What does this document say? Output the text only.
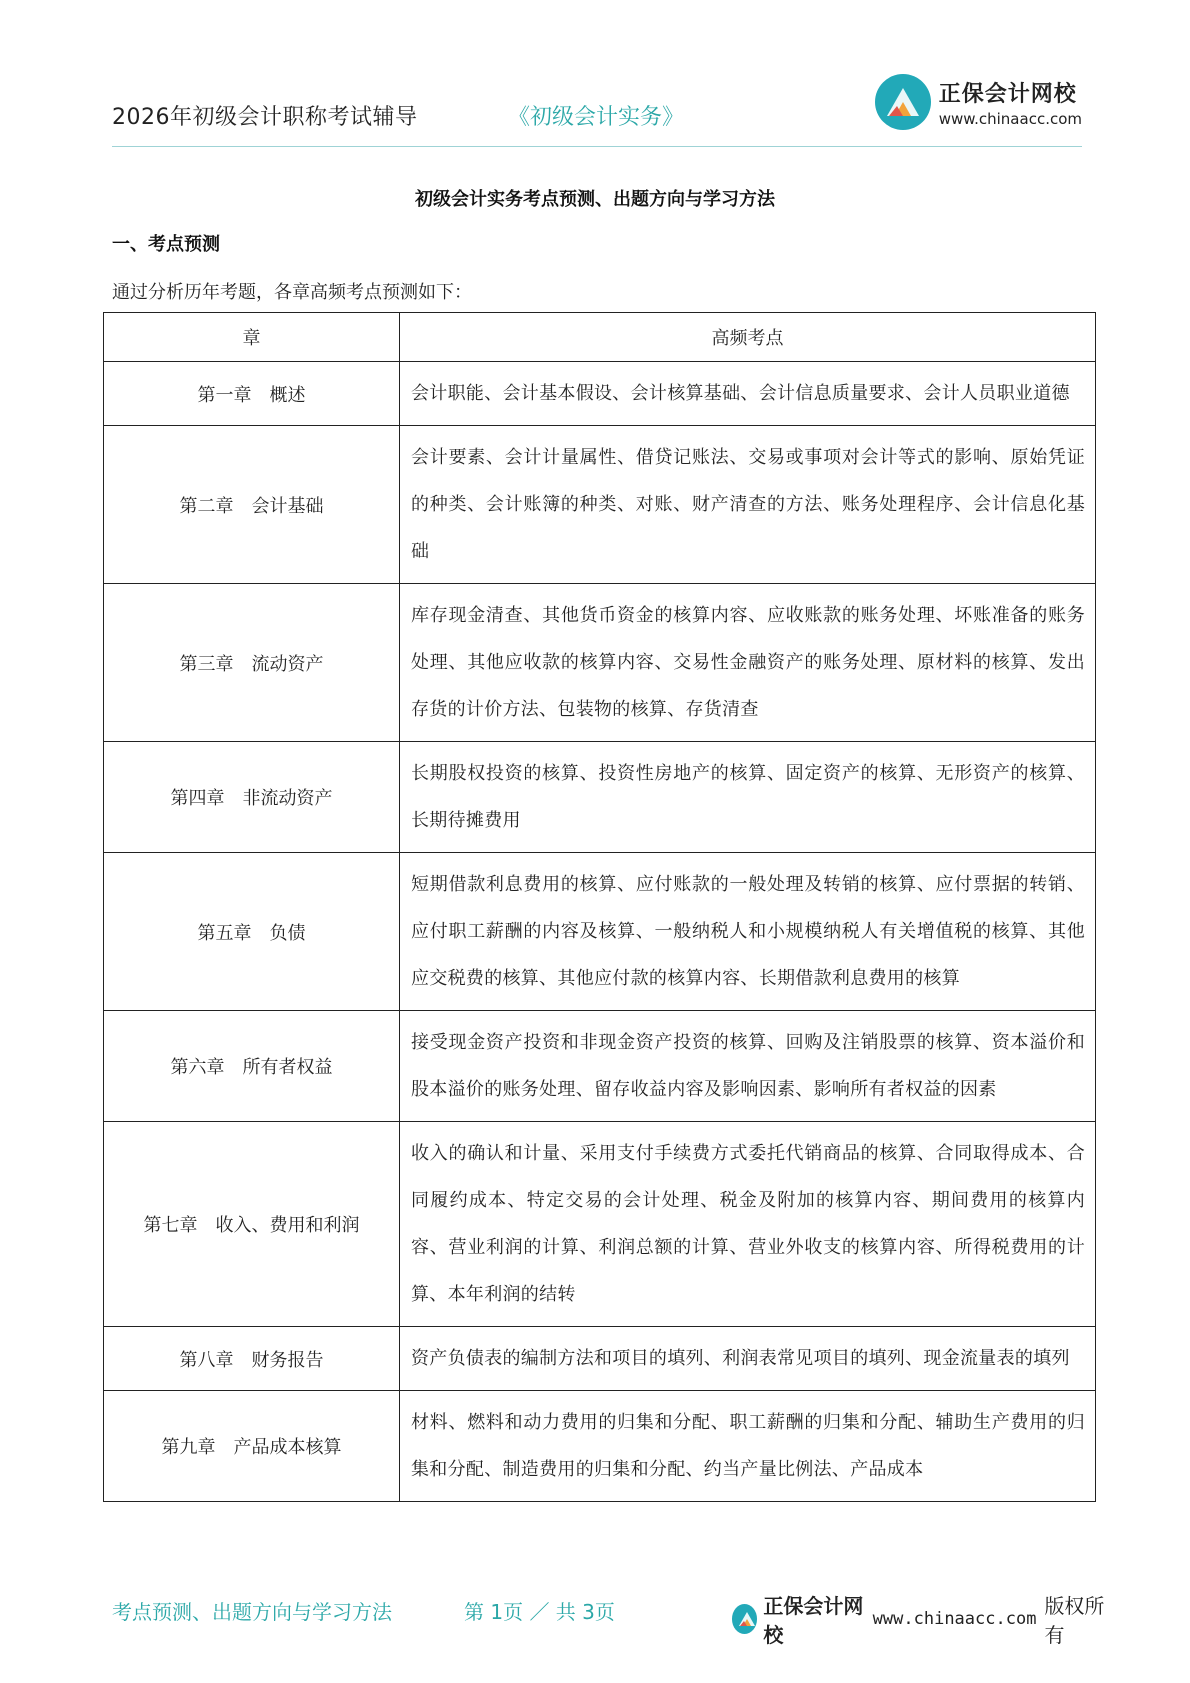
2026年初级会计职称考试辅导	《初级会计实务》
正保会计网校
www.chinaacc.com
初级会计实务考点预测、出题方向与学习方法
一、考点预测
通过分析历年考题，各章高频考点预测如下：
章	高频考点
第一章　概述	会计职能、会计基本假设、会计核算基础、会计信息质量要求、会计人员职业道德
第二章　会计基础	会计要素、会计计量属性、借贷记账法、交易或事项对会计等式的影响、原始凭证的种类、会计账簿的种类、对账、财产清查的方法、账务处理程序、会计信息化基础
第三章　流动资产	库存现金清查、其他货币资金的核算内容、应收账款的账务处理、坏账准备的账务处理、其他应收款的核算内容、交易性金融资产的账务处理、原材料的核算、发出存货的计价方法、包装物的核算、存货清查
第四章　非流动资产	长期股权投资的核算、投资性房地产的核算、固定资产的核算、无形资产的核算、长期待摊费用
第五章　负债	短期借款利息费用的核算、应付账款的一般处理及转销的核算、应付票据的转销、应付职工薪酬的内容及核算、一般纳税人和小规模纳税人有关增值税的核算、其他应交税费的核算、其他应付款的核算内容、长期借款利息费用的核算
第六章　所有者权益	接受现金资产投资和非现金资产投资的核算、回购及注销股票的核算、资本溢价和股本溢价的账务处理、留存收益内容及影响因素、影响所有者权益的因素
第七章　收入、费用和利润	收入的确认和计量、采用支付手续费方式委托代销商品的核算、合同取得成本、合同履约成本、特定交易的会计处理、税金及附加的核算内容、期间费用的核算内容、营业利润的计算、利润总额的计算、营业外收支的核算内容、所得税费用的计算、本年利润的结转
第八章　财务报告	资产负债表的编制方法和项目的填列、利润表常见项目的填列、现金流量表的填列
第九章　产品成本核算	材料、燃料和动力费用的归集和分配、职工薪酬的归集和分配、辅助生产费用的归集和分配、制造费用的归集和分配、约当产量比例法、产品成本
考点预测、出题方向与学习方法	第 1页 ／ 共 3页	正保会计网校
www.chinaacc.com
版权所有
